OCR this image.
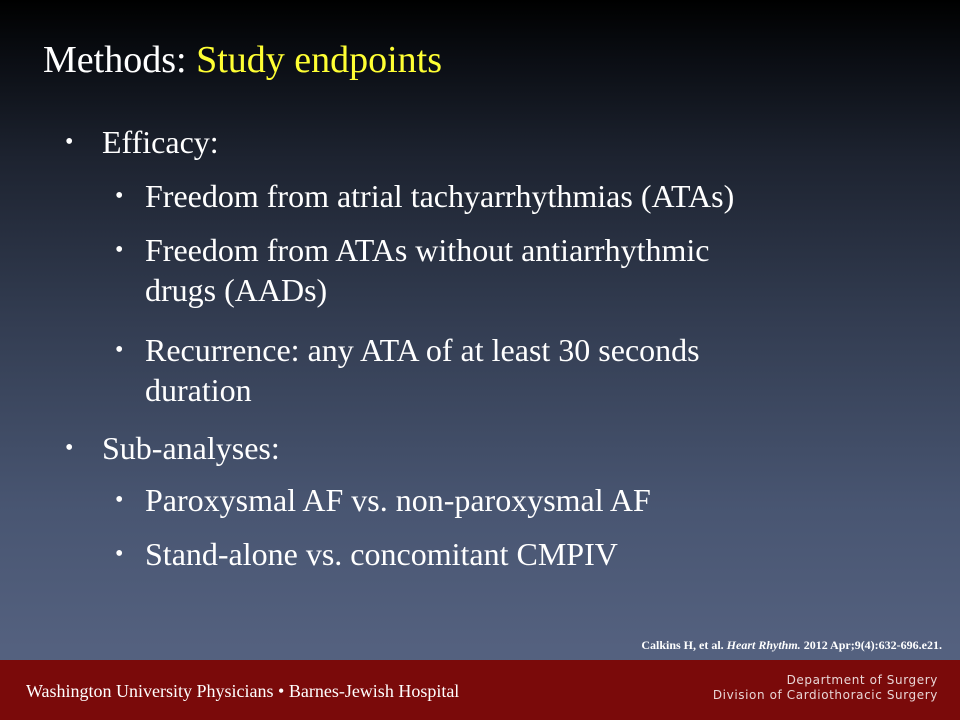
Methods: Study endpoints
• Efficacy:
• Freedom from atrial tachyarrhythmias (ATAs)
• Freedom from ATAs without antiarrhythmic
drugs (AADs)
• Recurrence: any ATA of at least 30 seconds
duration
• Sub-analyses:
• Paroxysmal AF vs. non-paroxysmal AF
• Stand-alone vs. concomitant CMPIV
Calkins H, et al. Heart Rhythm. 2012 Apr;9(4):632-696.e21.
Washington University Physicians • Barnes-Jewish Hospital
Department of Surgery
Division of Cardiothoracic Surgery
